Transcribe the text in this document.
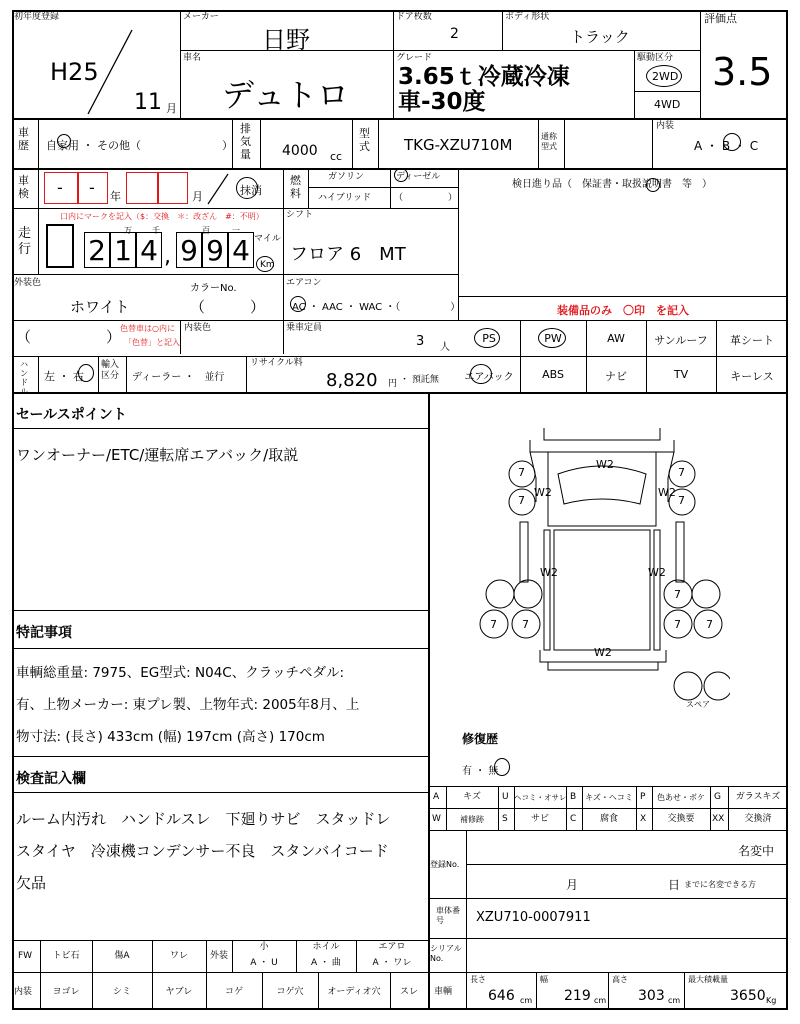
初年度登録
H25
11 月
メーカー
日野
ドア枚数
2
ボディ形状
トラック
評価点
3.5
車名
デュトロ
グレード
3.65ｔ冷蔵冷凍
車-30度
駆動区分
2WD
4WD
車歴 自家用 ・ その他（	）
排気量 4000 cc
型式 TKG-XZU710M	通称型式
内装
A ・ B ・ C
車検 - - 年	月	抹消
燃料
ガソリン	ディーゼル
ハイブリッド	（　　　　　）
検日進り品（　保証書・取扱説明書　等　）
走行
口内にマークを記入（$：交換　＊：改ざん　#：不明）
万	千	百	一
2 1 4 , 9 9 4 マイル
Km
シフト
フロア 6　MT
外装色
ホワイト
カラーNo.
（　　　）
エアコン
AC ・ AAC ・ WAC ・（　　　　　）
（　　　　　）
色替車は○内に
「色替」と記入
内装色	乗車定員
3 人
装備品のみ　〇印　を記入
PS	PW	AW	サンルーフ	革シート
エアバック	ABS	ナビ	TV	キーレス
ハンドル
左 ・ 右
輸入区分	ディーラー ・　並行
リサイクル料
8,820 円 ・ 預託無
セールスポイント
ワンオーナー/ETC/運転席エアバック/取説
特記事項
車輌総重量: 7975、EG型式: N04C、クラッチペダル:
有、上物メーカー: 東プレ製、上物年式: 2005年8月、上
物寸法: (長さ) 433cm (幅) 197cm (高さ) 170cm
検査記入欄
ルーム内汚れ　ハンドルスレ　下廻りサビ　スタッドレ
スタイヤ　冷凍機コンデンサー不良　スタンバイコード
欠品
W2
W2	W2
W2	W2
W2
7
7
7
7
7 7
7
7 7
スペア
修復歴
有 ・ 無
A	キズ	U ヘコミ・オサレ B	キズ・ヘコミ P	色あせ・ボケ	G	ガラスキズ
W	補修跡	S	サビ	C	腐食	X	交換要	XX	交換済
名変中
登録No.
月	日 までに名変できる方
車体番号	XZU710-0007911
シリアルNo.
FW	トビ石	傷A	ワレ	外装
小
A ・ U
ホイル
A ・ 曲
エアロ
A ・ ワレ
内装	ヨゴレ	シミ	ヤブレ	コゲ	コゲ穴	オーディオ穴	スレ	車輌
長さ
646 cm
幅
219 cm
高さ
303 cm
最大積載量
3650 Kg
